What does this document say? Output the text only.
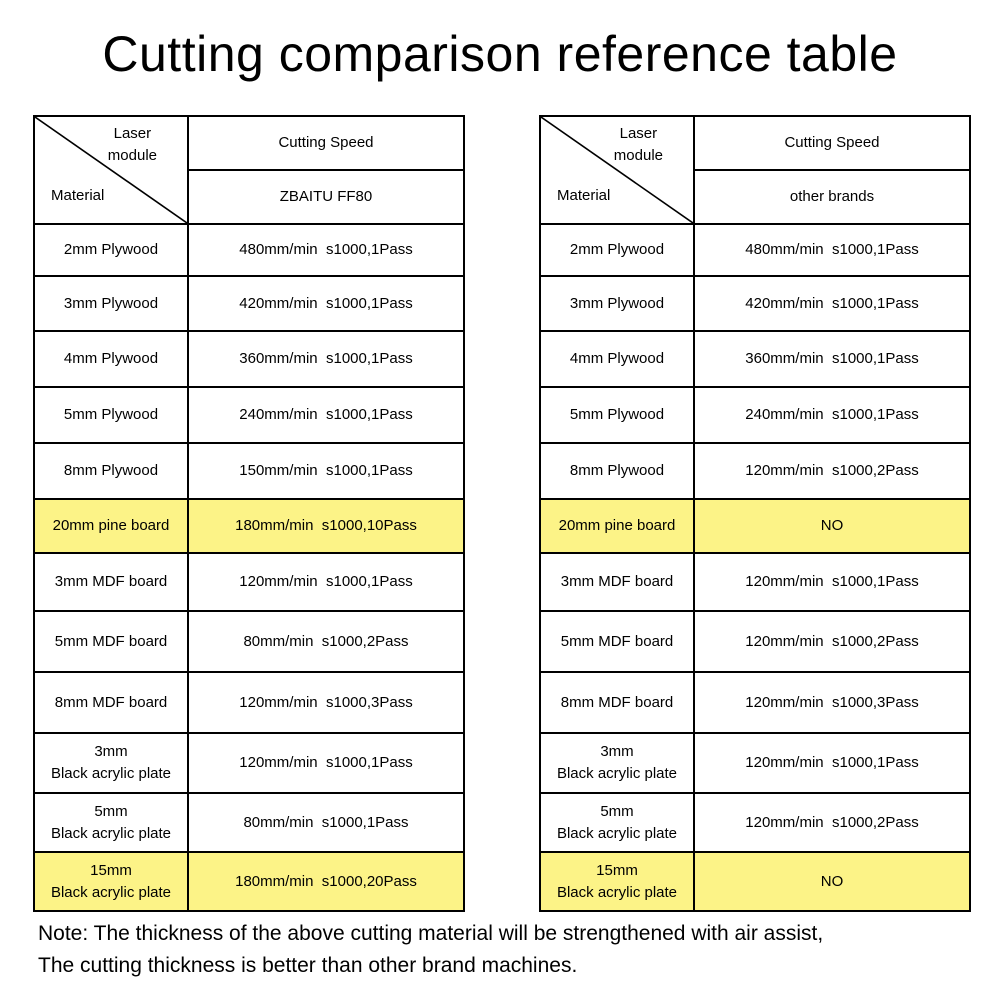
Cutting comparison reference table
Laser
module
Material	Cutting Speed
	ZBAITU FF80

2mm Plywood	480mm/min  s1000,1Pass

3mm Plywood	420mm/min  s1000,1Pass

4mm Plywood	360mm/min  s1000,1Pass

5mm Plywood	240mm/min  s1000,1Pass

8mm Plywood	150mm/min  s1000,1Pass

20mm pine board	180mm/min  s1000,10Pass

3mm MDF board	120mm/min  s1000,1Pass

5mm MDF board	80mm/min  s1000,2Pass

8mm MDF board	120mm/min  s1000,3Pass

3mm
Black acrylic plate	120mm/min  s1000,1Pass

5mm
Black acrylic plate	80mm/min  s1000,1Pass

15mm
Black acrylic plate	180mm/min  s1000,20Pass
Laser
module
Material	Cutting Speed
	other brands

2mm Plywood	480mm/min  s1000,1Pass

3mm Plywood	420mm/min  s1000,1Pass

4mm Plywood	360mm/min  s1000,1Pass

5mm Plywood	240mm/min  s1000,1Pass

8mm Plywood	120mm/min  s1000,2Pass

20mm pine board	NO

3mm MDF board	120mm/min  s1000,1Pass

5mm MDF board	120mm/min  s1000,2Pass

8mm MDF board	120mm/min  s1000,3Pass

3mm
Black acrylic plate	120mm/min  s1000,1Pass

5mm
Black acrylic plate	120mm/min  s1000,2Pass

15mm
Black acrylic plate	NO
Note: The thickness of the above cutting material will be strengthened with air assist,
The cutting thickness is better than other brand machines.
